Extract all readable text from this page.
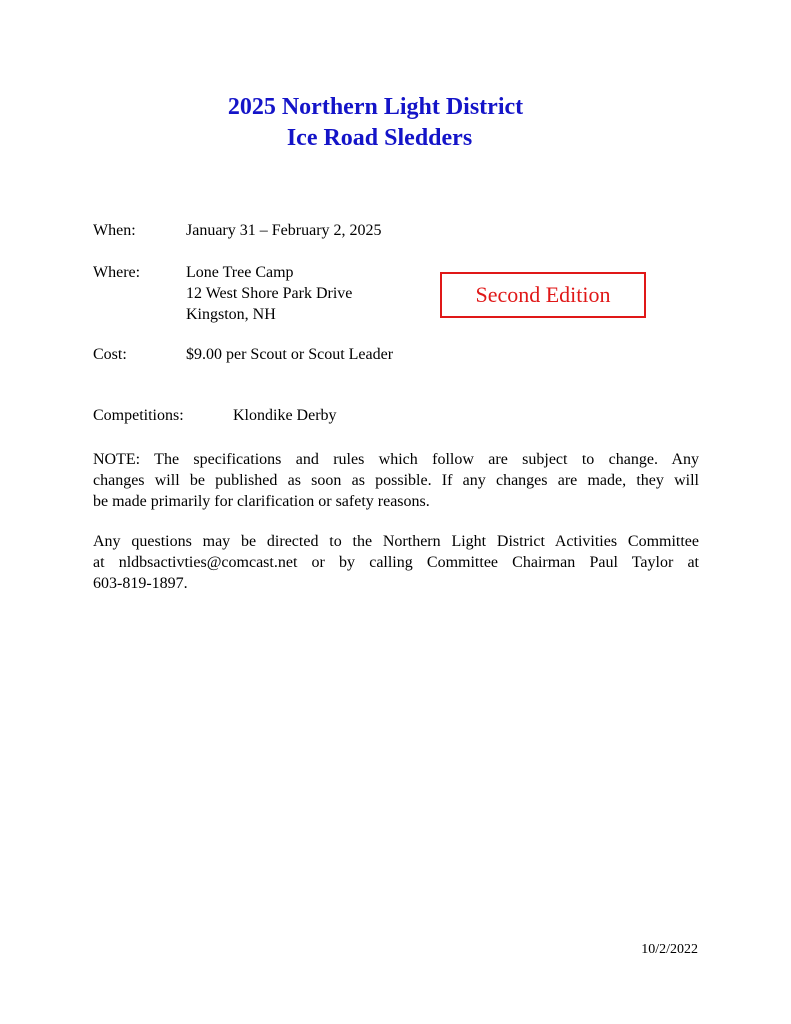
2025 Northern Light District
Ice Road Sledders
When:	January 31 – February 2, 2025
Where:	Lone Tree Camp
12 West Shore Park Drive
Kingston, NH
Second Edition
Cost:	$9.00 per Scout or Scout Leader
Competitions:	Klondike Derby
NOTE: The specifications and rules which follow are subject to change. Any
changes will be published as soon as possible. If any changes are made, they will
be made primarily for clarification or safety reasons.
Any questions may be directed to the Northern Light District Activities Committee
at nldbsactivties@comcast.net or by calling Committee Chairman Paul Taylor at
603-819-1897.
10/2/2022
